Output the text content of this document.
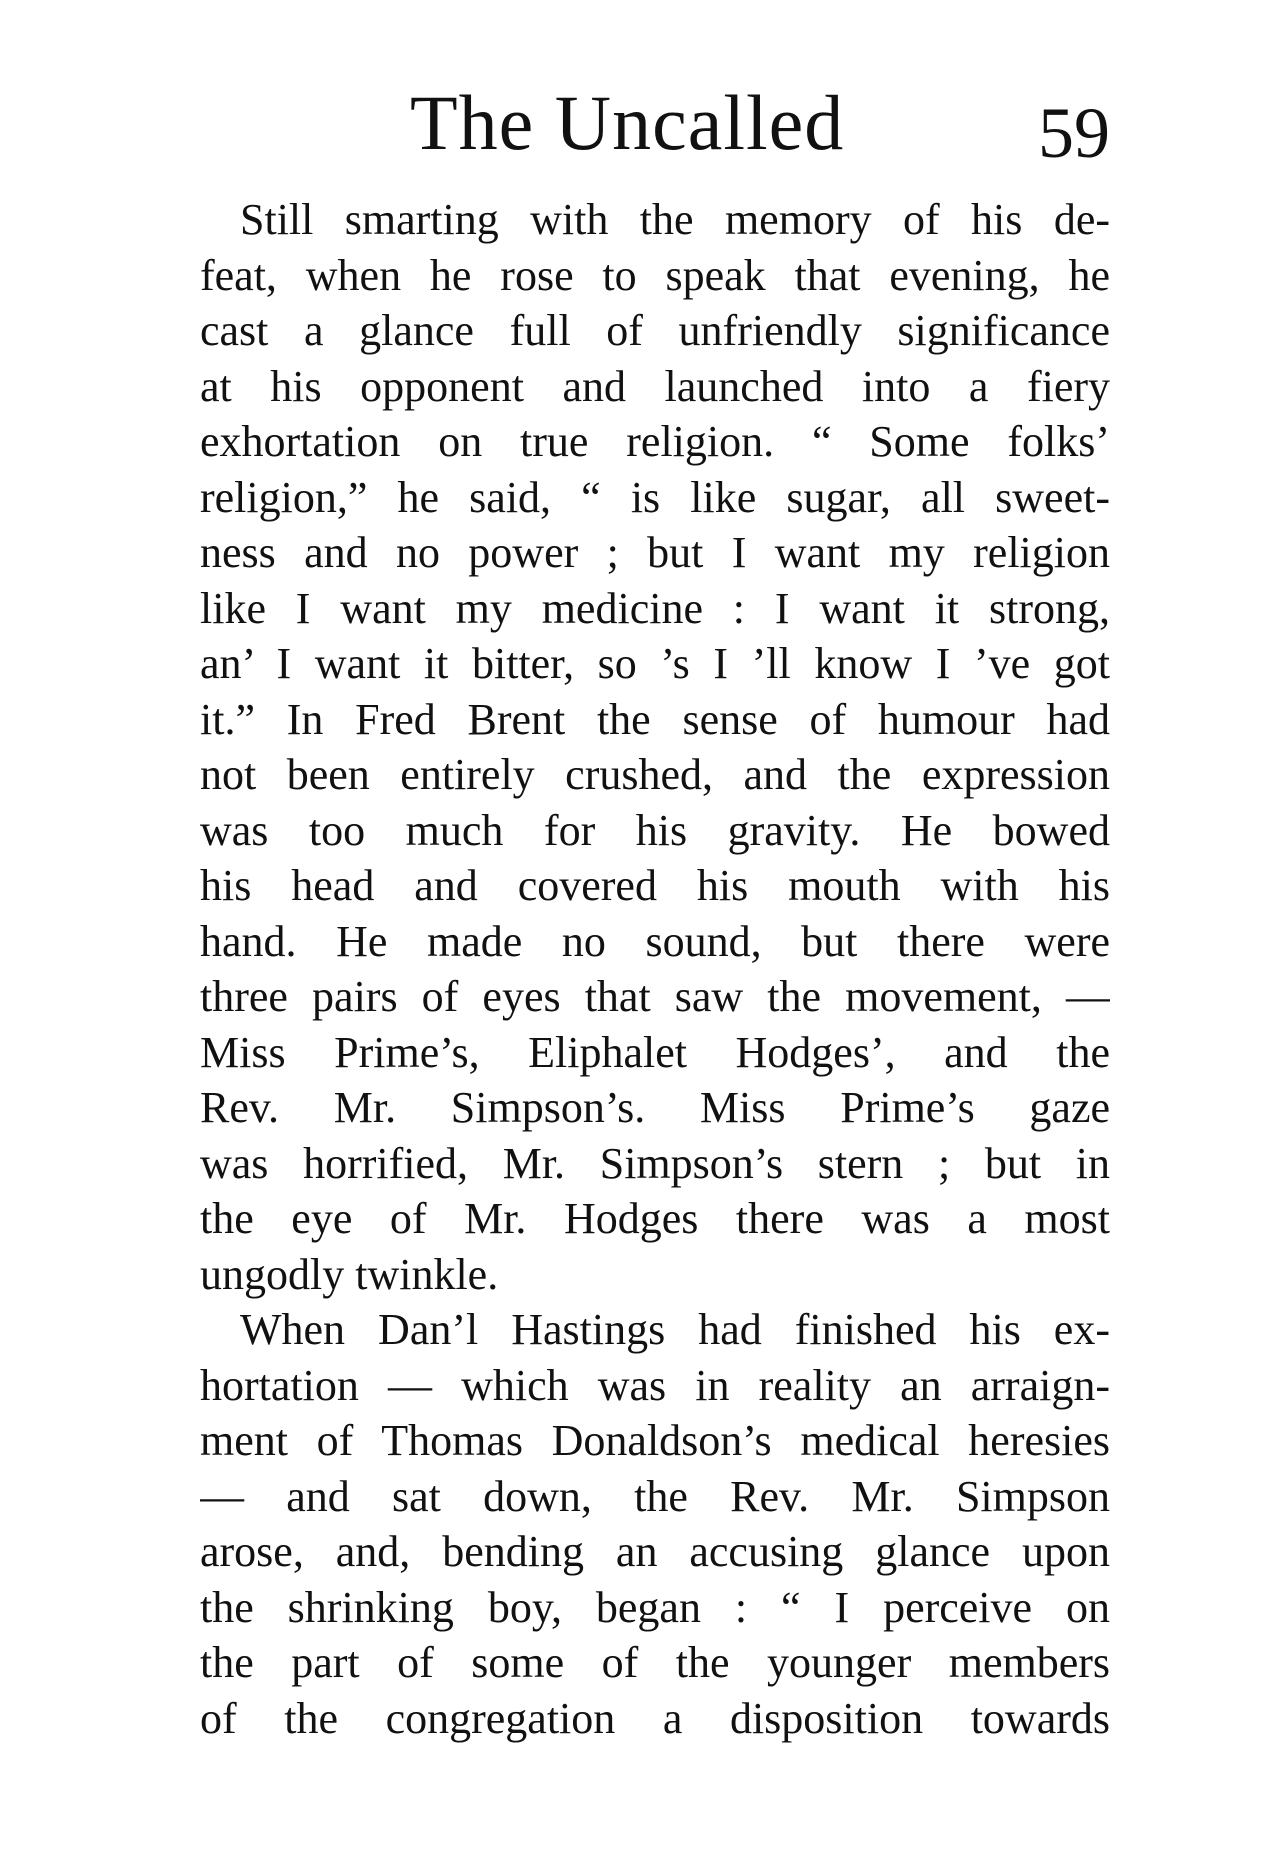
The Uncalled	59
Still smarting with the memory of his de-
feat, when he rose to speak that evening, he
cast a glance full of unfriendly significance
at his opponent and launched into a fiery
exhortation on true religion. “ Some folks’
religion,” he said, “ is like sugar, all sweet-
ness and no power ; but I want my religion
like I want my medicine : I want it strong,
an’ I want it bitter, so ’s I ’ll know I ’ve got
it.” In Fred Brent the sense of humour had
not been entirely crushed, and the expression
was too much for his gravity. He bowed
his head and covered his mouth with his
hand. He made no sound, but there were
three pairs of eyes that saw the movement, —
Miss Prime’s, Eliphalet Hodges’, and the
Rev. Mr. Simpson’s. Miss Prime’s gaze
was horrified, Mr. Simpson’s stern ; but in
the eye of Mr. Hodges there was a most
ungodly twinkle.
When Dan’l Hastings had finished his ex-
hortation — which was in reality an arraign-
ment of Thomas Donaldson’s medical heresies
— and sat down, the Rev. Mr. Simpson
arose, and, bending an accusing glance upon
the shrinking boy, began : “ I perceive on
the part of some of the younger members
of the congregation a disposition towards
